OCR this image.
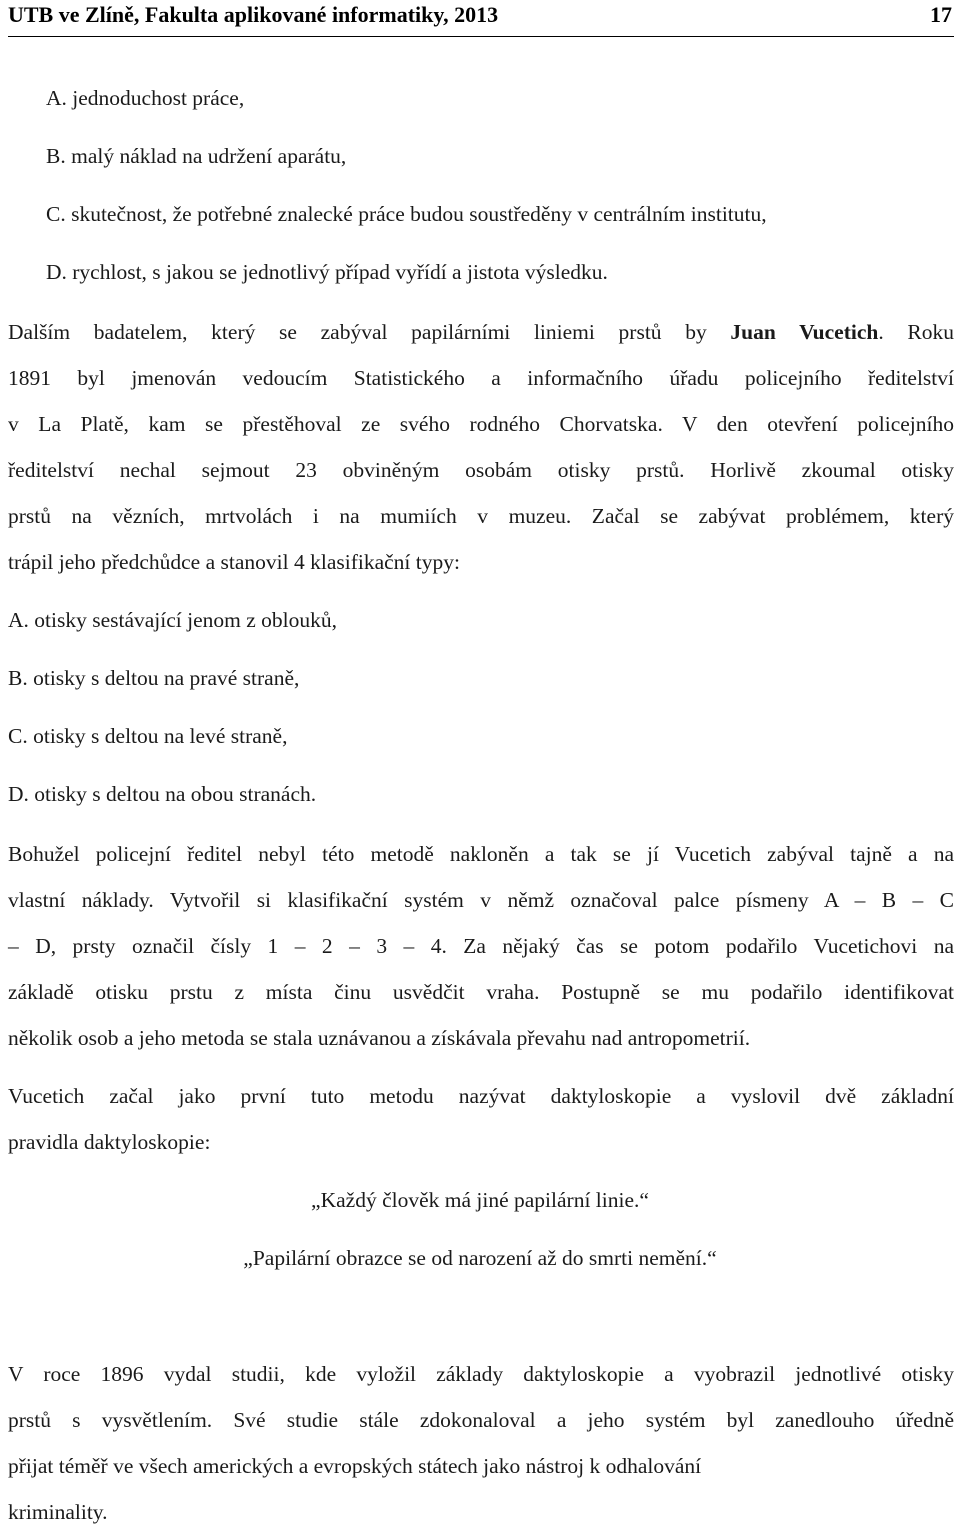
UTB ve Zlíně, Fakulta aplikované informatiky, 2013	17
A. jednoduchost práce,
B. malý náklad na udržení aparátu,
C. skutečnost, že potřebné znalecké práce budou soustředěny v centrálním institutu,
D. rychlost, s jakou se jednotlivý případ vyřídí a jistota výsledku.
Dalším badatelem, který se zabýval papilárními liniemi prstů by Juan Vucetich. Roku
1891 byl jmenován vedoucím Statistického a informačního úřadu policejního ředitelství
v La Platě, kam se přestěhoval ze svého rodného Chorvatska. V den otevření policejního
ředitelství nechal sejmout 23 obviněným osobám otisky prstů. Horlivě zkoumal otisky
prstů na vězních, mrtvolách i na mumiích v muzeu. Začal se zabývat problémem, který
trápil jeho předchůdce a stanovil 4 klasifikační typy:
A. otisky sestávající jenom z oblouků,
B. otisky s deltou na pravé straně,
C. otisky s deltou na levé straně,
D. otisky s deltou na obou stranách.
Bohužel policejní ředitel nebyl této metodě nakloněn a tak se jí Vucetich zabýval tajně a na
vlastní náklady. Vytvořil si klasifikační systém v němž označoval palce písmeny A – B – C
– D, prsty označil čísly 1 – 2 – 3 – 4. Za nějaký čas se potom podařilo Vucetichovi na
základě otisku prstu z místa činu usvědčit vraha. Postupně se mu podařilo identifikovat
několik osob a jeho metoda se stala uznávanou a získávala převahu nad antropometrií.
Vucetich začal jako první tuto metodu nazývat daktyloskopie a vyslovil dvě základní
pravidla daktyloskopie:
„Každý člověk má jiné papilární linie.“
„Papilární obrazce se od narození až do smrti nemění.“
V roce 1896 vydal studii, kde vyložil základy daktyloskopie a vyobrazil jednotlivé otisky
prstů s vysvětlením. Své studie stále zdokonaloval a jeho systém byl zanedlouho úředně
přijat téměř ve všech amerických a evropských státech jako nástroj k odhalování
kriminality.
